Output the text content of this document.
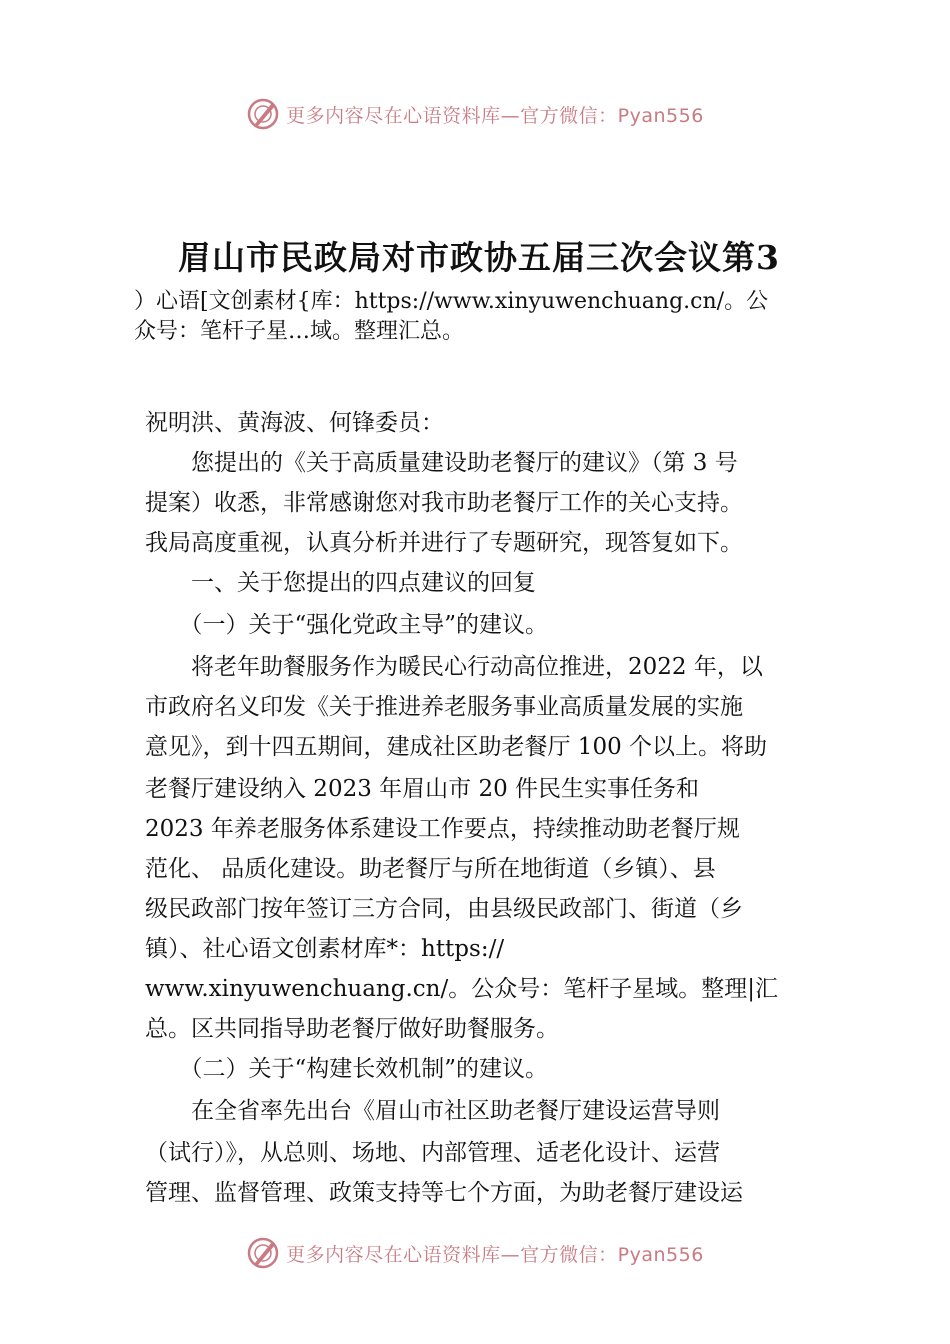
更多内容尽在心语资料库—官方微信：Pyan556
眉山市民政局对市政协五届三次会议第3
）心语[文创素材{库：https://www.xinyuwenchuang.cn/。公
众号：笔杆子星…域。整理汇总。
祝明洪、黄海波、何锋委员：
　　您提出的《关于高质量建设助老餐厅的建议》（第 3 号
提案）收悉，非常感谢您对我市助老餐厅工作的关心支持。
我局高度重视，认真分析并进行了专题研究，现答复如下。
　　一、关于您提出的四点建议的回复
　　（一）关于“强化党政主导”的建议。
　　将老年助餐服务作为暖民心行动高位推进，2022 年，以
市政府名义印发《关于推进养老服务事业高质量发展的实施
意见》，到十四五期间，建成社区助老餐厅 100 个以上。将助
老餐厅建设纳入 2023 年眉山市 20 件民生实事任务和
2023 年养老服务体系建设工作要点，持续推动助老餐厅规
范化、 品质化建设。助老餐厅与所在地街道（乡镇）、县
级民政部门按年签订三方合同，由县级民政部门、街道（乡
镇）、社心语文创素材库*：https://
www.xinyuwenchuang.cn/。公众号：笔杆子星域。整理|汇
总。区共同指导助老餐厅做好助餐服务。
　　（二）关于“构建长效机制”的建议。
　　在全省率先出台《眉山市社区助老餐厅建设运营导则
（试行）》，从总则、场地、内部管理、适老化设计、运营
管理、监督管理、政策支持等七个方面，为助老餐厅建设运
更多内容尽在心语资料库—官方微信：Pyan556
